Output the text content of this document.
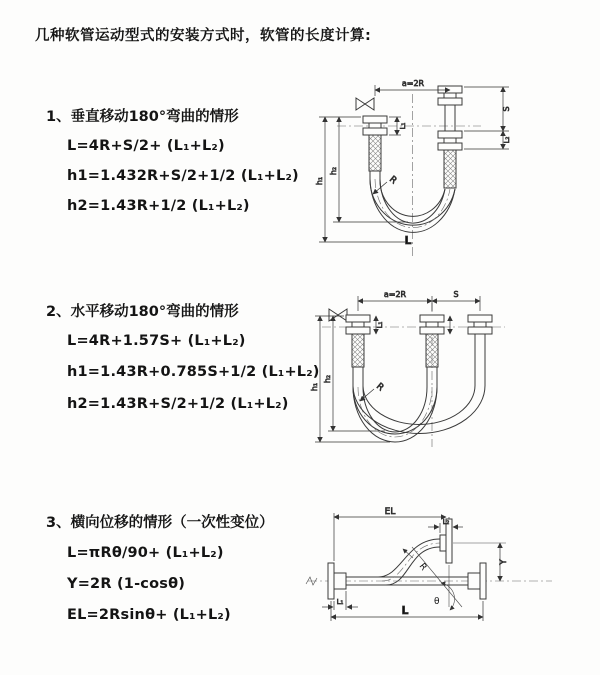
几种软管运动型式的安装方式时，软管的长度计算:
1、垂直移动180°弯曲的情形
L=4R+S/2+ (L₁+L₂)
h1=1.432R+S/2+1/2 (L₁+L₂)
h2=1.43R+1/2 (L₁+L₂)
a=2R
S
L₂
h₁
h₂
L₁
R
L
2、水平移动180°弯曲的情形
L=4R+1.57S+ (L₁+L₂)
h1=1.43R+0.785S+1/2 (L₁+L₂)
h2=1.43R+S/2+1/2 (L₁+L₂)
a=2R	S
h₁
h₂
L₁
R
3、横向位移的情形（一次性变位）
L=πRθ/90+ (L₁+L₂)
Y=2R (1-cosθ)
EL=2Rsinθ+ (L₁+L₂)
θ
R
EL
L₂
Y
L
L₁
